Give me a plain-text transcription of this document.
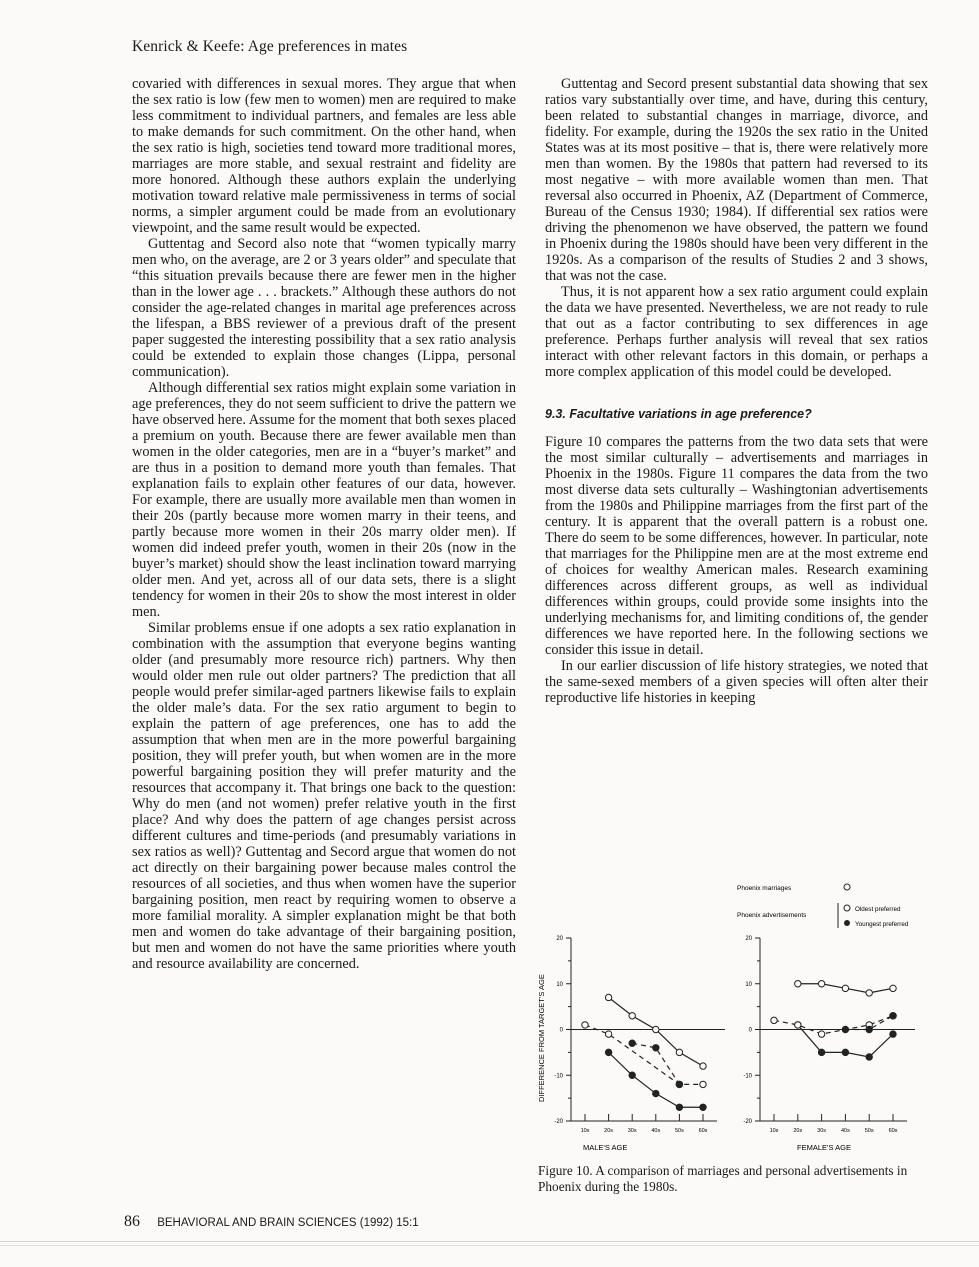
Kenrick & Keefe: Age preferences in mates

covaried with differences in sexual mores. They argue that when the sex ratio is low (few men to women) men are required to make less commitment to individual partners, and females are less able to make demands for such commitment. On the other hand, when the sex ratio is high, societies tend toward more traditional mores, marriages are more stable, and sexual restraint and fidelity are more honored. Although these authors explain the underlying motivation toward relative male permissiveness in terms of social norms, a simpler argument could be made from an evolutionary viewpoint, and the same result would be expected.

Guttentag and Secord also note that “women typically marry men who, on the average, are 2 or 3 years older” and speculate that “this situation prevails because there are fewer men in the higher than in the lower age . . . brackets.” Although these authors do not consider the age-related changes in marital age preferences across the lifespan, a BBS reviewer of a previous draft of the present paper suggested the interesting possibility that a sex ratio analysis could be extended to explain those changes (Lippa, personal communication).

Although differential sex ratios might explain some variation in age preferences, they do not seem sufficient to drive the pattern we have observed here. Assume for the moment that both sexes placed a premium on youth. Because there are fewer available men than women in the older categories, men are in a “buyer’s market” and are thus in a position to demand more youth than females. That explanation fails to explain other features of our data, however. For example, there are usually more available men than women in their 20s (partly because more women marry in their teens, and partly because more women in their 20s marry older men). If women did indeed prefer youth, women in their 20s (now in the buyer’s market) should show the least inclination toward marrying older men. And yet, across all of our data sets, there is a slight tendency for women in their 20s to show the most interest in older men.

Similar problems ensue if one adopts a sex ratio explanation in combination with the assumption that everyone begins wanting older (and presumably more resource rich) partners. Why then would older men rule out older partners? The prediction that all people would prefer similar-aged partners likewise fails to explain the older male’s data. For the sex ratio argument to begin to explain the pattern of age preferences, one has to add the assumption that when men are in the more powerful bargaining position, they will prefer youth, but when women are in the more powerful bargaining position they will prefer maturity and the resources that accompany it. That brings one back to the question: Why do men (and not women) prefer relative youth in the first place? And why does the pattern of age changes persist across different cultures and time-periods (and presumably variations in sex ratios as well)? Guttentag and Secord argue that women do not act directly on their bargaining power because males control the resources of all societies, and thus when women have the superior bargaining position, men react by requiring women to observe a more familial morality. A simpler explanation might be that both men and women do take advantage of their bargaining position, but men and women do not have the same priorities where youth and resource availability are concerned.

Guttentag and Secord present substantial data showing that sex ratios vary substantially over time, and have, during this century, been related to substantial changes in marriage, divorce, and fidelity. For example, during the 1920s the sex ratio in the United States was at its most positive – that is, there were relatively more men than women. By the 1980s that pattern had reversed to its most negative – with more available women than men. That reversal also occurred in Phoenix, AZ (Department of Commerce, Bureau of the Census 1930; 1984). If differential sex ratios were driving the phenomenon we have observed, the pattern we found in Phoenix during the 1980s should have been very different in the 1920s. As a comparison of the results of Studies 2 and 3 shows, that was not the case.

Thus, it is not apparent how a sex ratio argument could explain the data we have presented. Nevertheless, we are not ready to rule that out as a factor contributing to sex differences in age preference. Perhaps further analysis will reveal that sex ratios interact with other relevant factors in this domain, or perhaps a more complex application of this model could be developed.

9.3. Facultative variations in age preference?

Figure 10 compares the patterns from the two data sets that were the most similar culturally – advertisements and marriages in Phoenix in the 1980s. Figure 11 compares the data from the two most diverse data sets culturally – Washingtonian advertisements from the 1980s and Philippine marriages from the first part of the century. It is apparent that the overall pattern is a robust one. There do seem to be some differences, however. In particular, note that marriages for the Philippine men are at the most extreme end of choices for wealthy American males. Research examining differences across different groups, as well as individual differences within groups, could provide some insights into the underlying mechanisms for, and limiting conditions of, the gender differences we have reported here. In the following sections we consider this issue in detail.

In our earlier discussion of life history strategies, we noted that the same-sexed members of a given species will often alter their reproductive life histories in keeping

Phoenix marriages
Phoenix advertisements
Oldest preferred
Youngest preferred
DIFFERENCE FROM TARGET'S AGE
20
10
0
-10
-20
10s	20s	30s	40s	50s	60s
20
10
0
-10
-20
10s	20s	30s	40s	50s	60s
MALE'S AGE	FEMALE'S AGE
Figure 10. A comparison of marriages and personal advertisements in Phoenix during the 1980s.
86 BEHAVIORAL AND BRAIN SCIENCES (1992) 15:1
